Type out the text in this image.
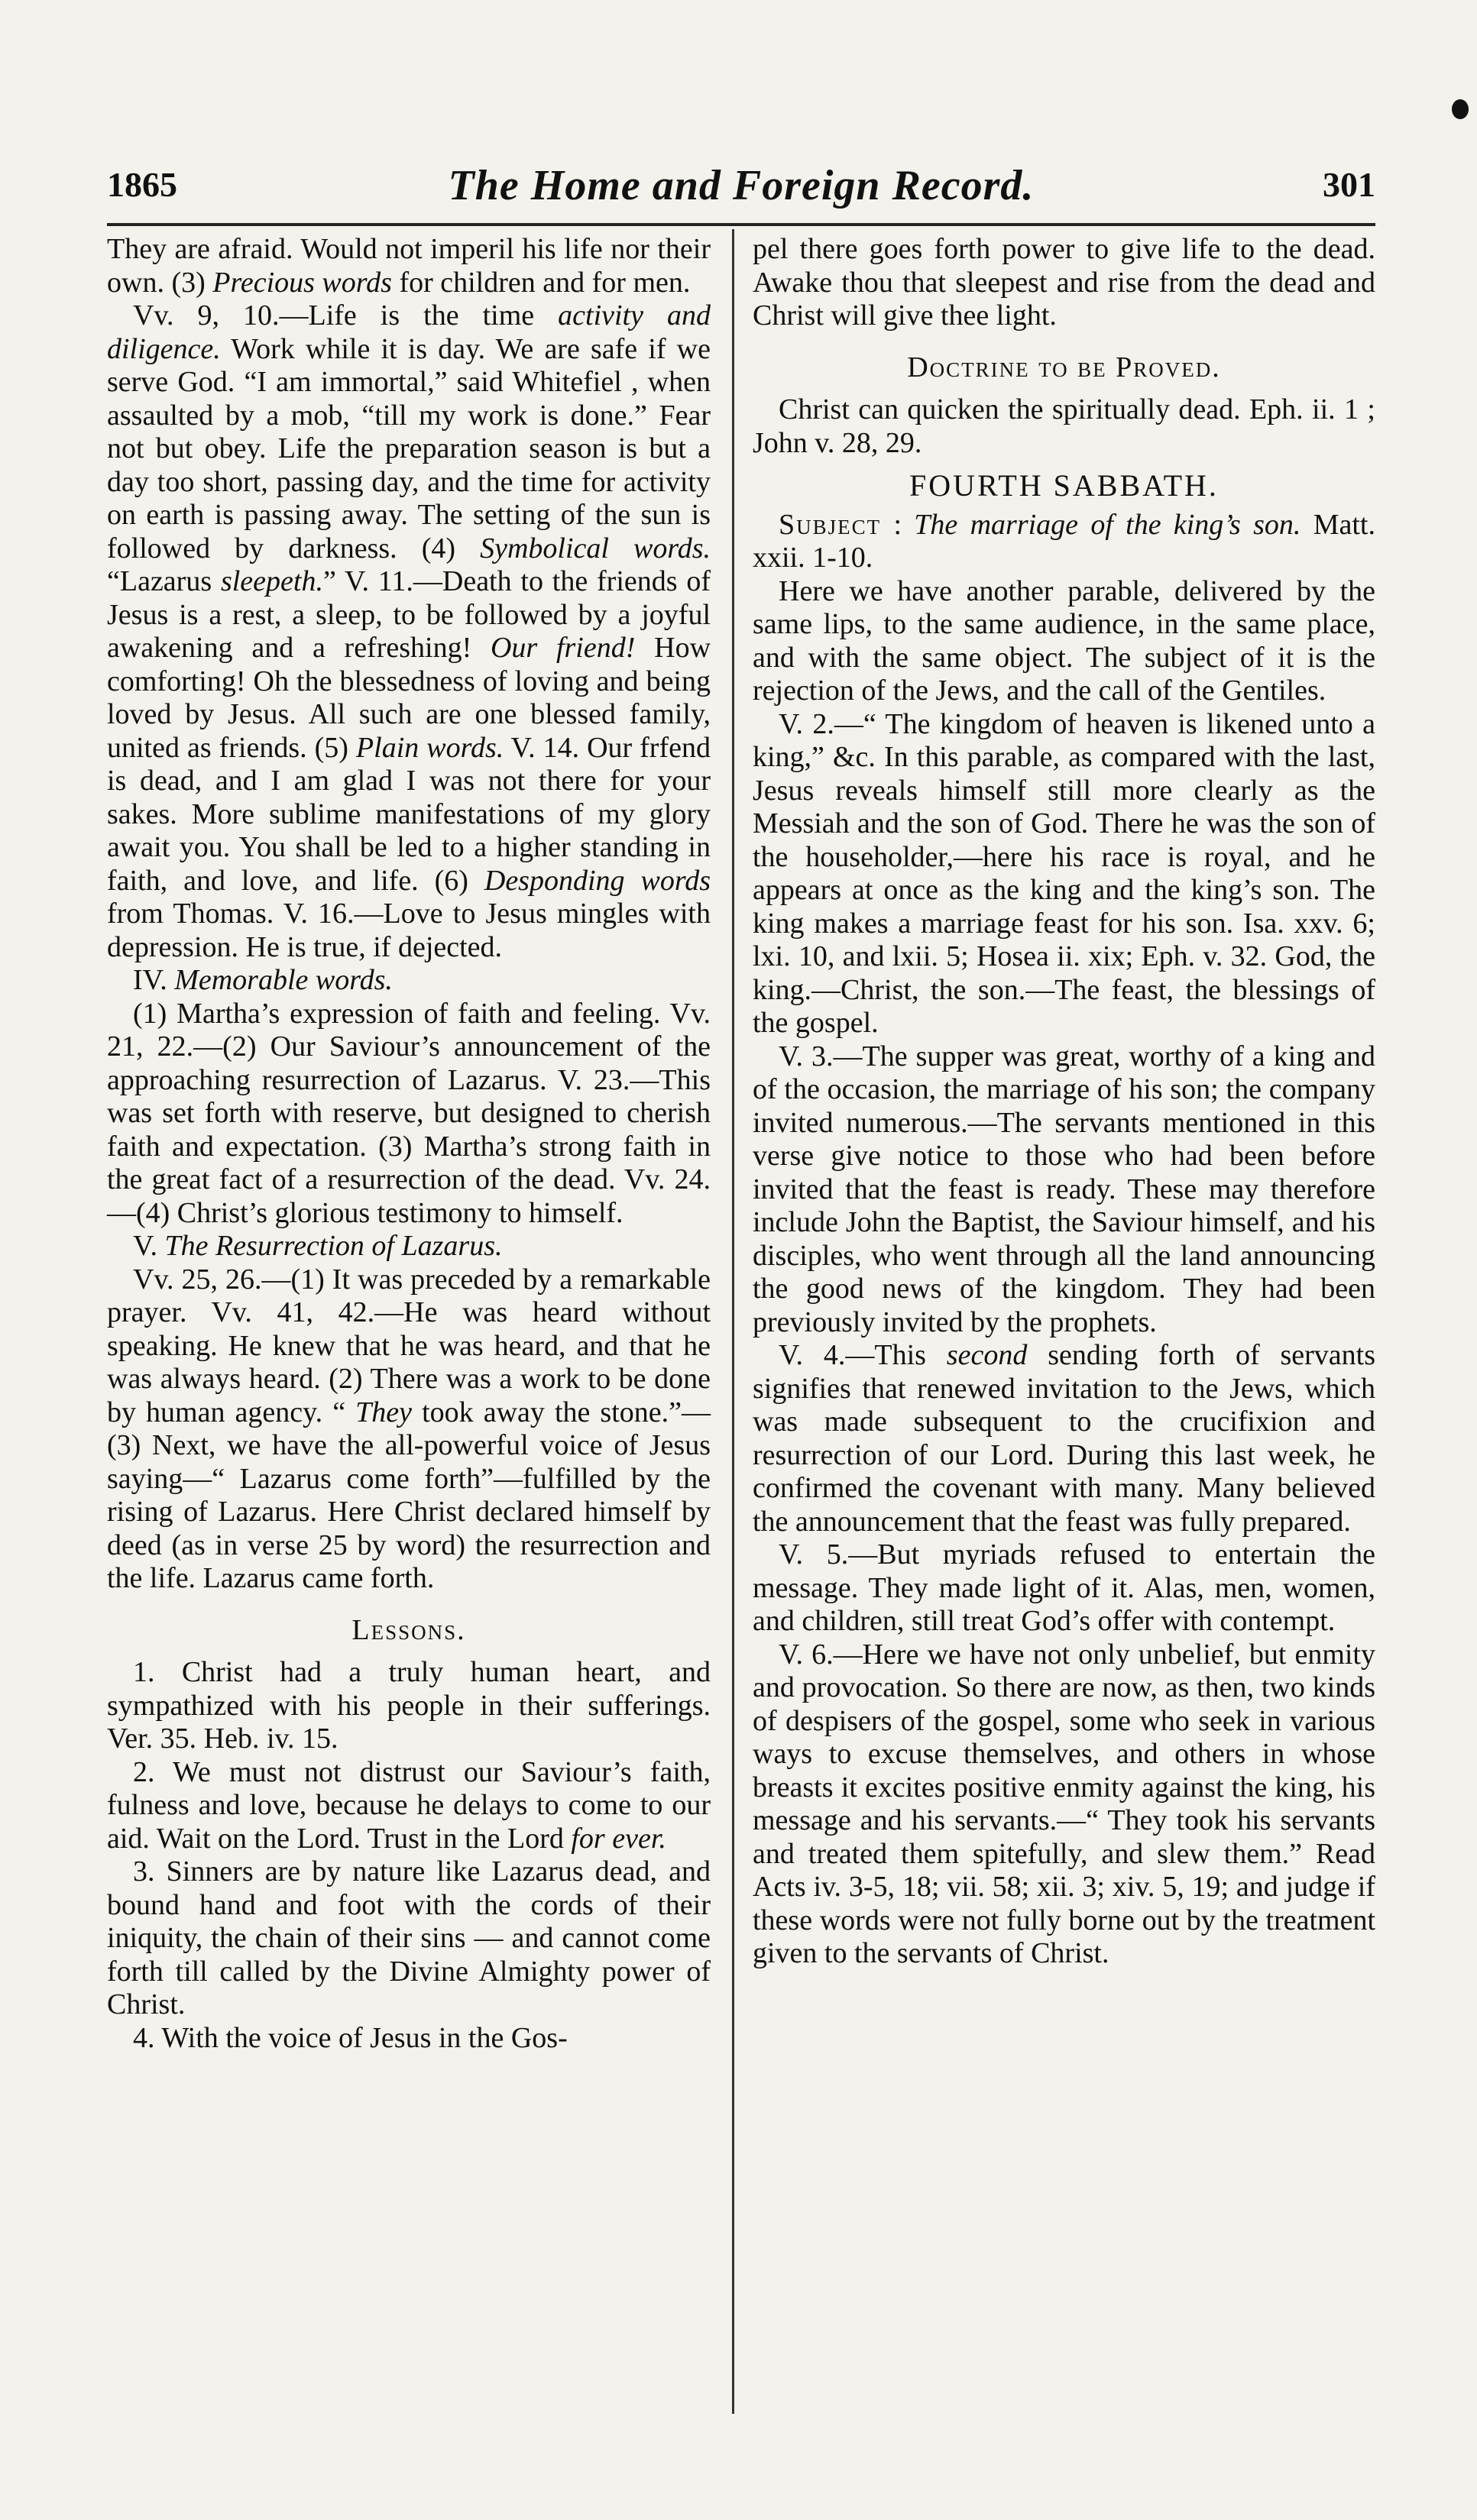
1865	The Home and Foreign Record.	301

They are afraid. Would not imperil his life nor their own. (3) Precious words for children and for men.

Vv. 9, 10.—Life is the time activity and diligence. Work while it is day. We are safe if we serve God. “I am immortal,” said Whitefiel , when assaulted by a mob, “till my work is done.” Fear not but obey. Life the preparation season is but a day too short, passing day, and the time for activity on earth is passing away. The setting of the sun is followed by darkness. (4) Symbolical words. “Lazarus sleepeth.” V. 11.—Death to the friends of Jesus is a rest, a sleep, to be followed by a joyful awakening and a refreshing! Our friend! How comforting! Oh the blessedness of loving and being loved by Jesus. All such are one blessed family, united as friends. (5) Plain words. V. 14. Our frfend is dead, and I am glad I was not there for your sakes. More sublime manifestations of my glory await you. You shall be led to a higher standing in faith, and love, and life. (6) Desponding words from Thomas. V. 16.—Love to Jesus mingles with depression. He is true, if dejected.

IV. Memorable words.

(1) Martha’s expression of faith and feeling. Vv. 21, 22.—(2) Our Saviour’s announcement of the approaching resurrection of Lazarus. V. 23.—This was set forth with reserve, but designed to cherish faith and expectation. (3) Martha’s strong faith in the great fact of a resurrection of the dead. Vv. 24.—(4) Christ’s glorious testimony to himself.

V. The Resurrection of Lazarus.

Vv. 25, 26.—(1) It was preceded by a remarkable prayer. Vv. 41, 42.—He was heard without speaking. He knew that he was heard, and that he was always heard. (2) There was a work to be done by human agency. “ They took away the stone.”—(3) Next, we have the all-powerful voice of Jesus saying—“ Lazarus come forth”—fulfilled by the rising of Lazarus. Here Christ declared himself by deed (as in verse 25 by word) the resurrection and the life. Lazarus came forth.

Lessons.

1. Christ had a truly human heart, and sympathized with his people in their sufferings. Ver. 35. Heb. iv. 15.

2. We must not distrust our Saviour’s faith, fulness and love, because he delays to come to our aid. Wait on the Lord. Trust in the Lord for ever.

3. Sinners are by nature like Lazarus dead, and bound hand and foot with the cords of their iniquity, the chain of their sins — and cannot come forth till called by the Divine Almighty power of Christ.

4. With the voice of Jesus in the Gos-

pel there goes forth power to give life to the dead. Awake thou that sleepest and rise from the dead and Christ will give thee light.

Doctrine to be Proved.

Christ can quicken the spiritually dead. Eph. ii. 1 ; John v. 28, 29.

FOURTH SABBATH.

Subject : The marriage of the king’s son. Matt. xxii. 1-10.

Here we have another parable, delivered by the same lips, to the same audience, in the same place, and with the same object. The subject of it is the rejection of the Jews, and the call of the Gentiles.

V. 2.—“ The kingdom of heaven is likened unto a king,” &c. In this parable, as compared with the last, Jesus reveals himself still more clearly as the Messiah and the son of God. There he was the son of the householder,—here his race is royal, and he appears at once as the king and the king’s son. The king makes a marriage feast for his son. Isa. xxv. 6; lxi. 10, and lxii. 5; Hosea ii. xix; Eph. v. 32. God, the king.—Christ, the son.—The feast, the blessings of the gospel.

V. 3.—The supper was great, worthy of a king and of the occasion, the marriage of his son; the company invited numerous.—The servants mentioned in this verse give notice to those who had been before invited that the feast is ready. These may therefore include John the Baptist, the Saviour himself, and his disciples, who went through all the land announcing the good news of the kingdom. They had been previously invited by the prophets.

V. 4.—This second sending forth of servants signifies that renewed invitation to the Jews, which was made subsequent to the crucifixion and resurrection of our Lord. During this last week, he confirmed the covenant with many. Many believed the announcement that the feast was fully prepared.

V. 5.—But myriads refused to entertain the message. They made light of it. Alas, men, women, and children, still treat God’s offer with contempt.

V. 6.—Here we have not only unbelief, but enmity and provocation. So there are now, as then, two kinds of despisers of the gospel, some who seek in various ways to excuse themselves, and others in whose breasts it excites positive enmity against the king, his message and his servants.—“ They took his servants and treated them spitefully, and slew them.” Read Acts iv. 3-5, 18; vii. 58; xii. 3; xiv. 5, 19; and judge if these words were not fully borne out by the treatment given to the servants of Christ.
